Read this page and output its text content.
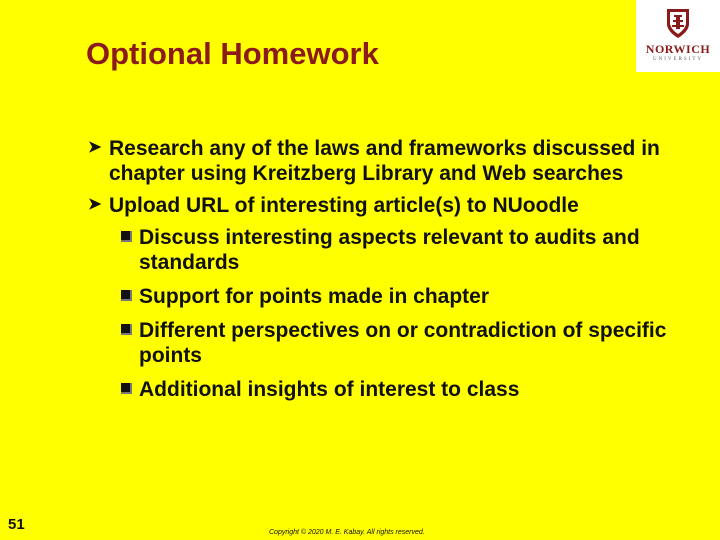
Optional Homework	NORWICH
UNIVERSITY
➤ Research any of the laws and frameworks discussed in chapter using Kreitzberg Library and Web searches
➤ Upload URL of interesting article(s) to NUoodle
Discuss interesting aspects relevant to audits and standards
Support for points made in chapter
Different perspectives on or contradiction of specific points
Additional insights of interest to class
51	Copyright © 2020 M. E. Kabay. All rights reserved.
